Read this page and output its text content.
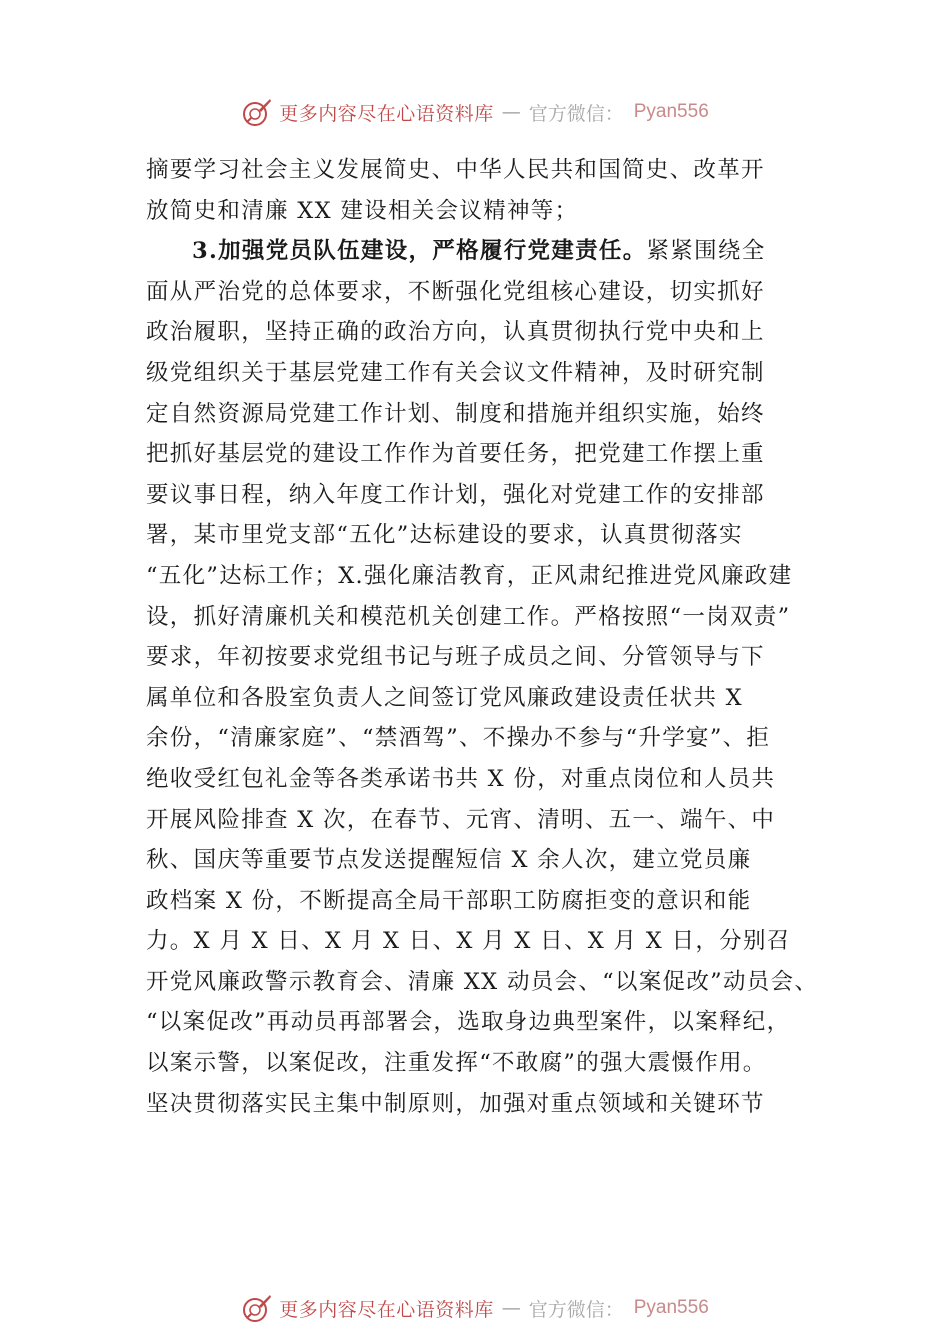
更多内容尽在心语资料库 — 官方微信： Pyan556
摘要学习社会主义发展简史、中华人民共和国简史、改革开
放简史和清廉 XX 建设相关会议精神等；
3.加强党员队伍建设，严格履行党建责任。紧紧围绕全
面从严治党的总体要求，不断强化党组核心建设，切实抓好
政治履职，坚持正确的政治方向，认真贯彻执行党中央和上
级党组织关于基层党建工作有关会议文件精神，及时研究制
定自然资源局党建工作计划、制度和措施并组织实施，始终
把抓好基层党的建设工作作为首要任务，把党建工作摆上重
要议事日程，纳入年度工作计划，强化对党建工作的安排部
署，某市里党支部“五化”达标建设的要求，认真贯彻落实
“五化”达标工作；X.强化廉洁教育，正风肃纪推进党风廉政建
设，抓好清廉机关和模范机关创建工作。严格按照“一岗双责”
要求，年初按要求党组书记与班子成员之间、分管领导与下
属单位和各股室负责人之间签订党风廉政建设责任状共 X
余份，“清廉家庭”、“禁酒驾”、不操办不参与“升学宴”、拒
绝收受红包礼金等各类承诺书共 X 份，对重点岗位和人员共
开展风险排查 X 次，在春节、元宵、清明、五一、端午、中
秋、国庆等重要节点发送提醒短信 X 余人次，建立党员廉
政档案 X 份，不断提高全局干部职工防腐拒变的意识和能
力。X 月 X 日、X 月 X 日、X 月 X 日、X 月 X 日，分别召
开党风廉政警示教育会、清廉 XX 动员会、“以案促改”动员会、
“以案促改”再动员再部署会，选取身边典型案件，以案释纪，
以案示警，以案促改，注重发挥“不敢腐”的强大震慑作用。
坚决贯彻落实民主集中制原则，加强对重点领域和关键环节
更多内容尽在心语资料库 — 官方微信： Pyan556
